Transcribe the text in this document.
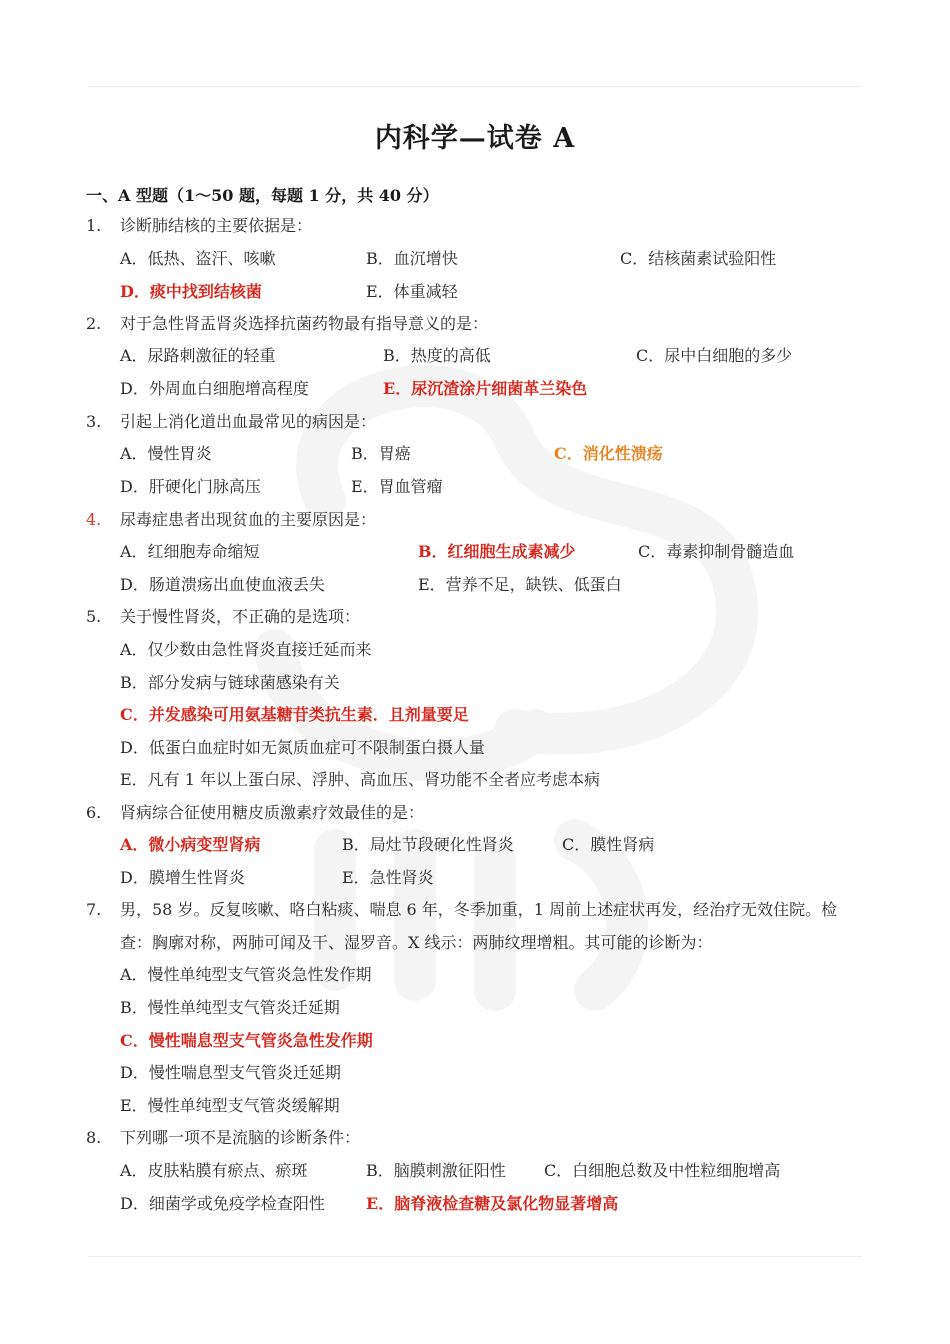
内科学—试卷 A
一、A 型题（1～50 题，每题 1 分，共 40 分）
1. 诊断肺结核的主要依据是：
A．低热、盗汗、咳嗽	B．血沉增快	C．结核菌素试验阳性
D．痰中找到结核菌	E．体重减轻
2. 对于急性肾盂肾炎选择抗菌药物最有指导意义的是：
A．尿路刺激征的轻重	B．热度的高低	C．尿中白细胞的多少
D．外周血白细胞增高程度	E．尿沉渣涂片细菌革兰染色
3. 引起上消化道出血最常见的病因是：
A．慢性胃炎	B．胃癌	C．消化性溃疡
D．肝硬化门脉高压	E．胃血管瘤
4. 尿毒症患者出现贫血的主要原因是：
A．红细胞寿命缩短	B．红细胞生成素减少	C．毒素抑制骨髓造血
D．肠道溃疡出血使血液丢失	E．营养不足，缺铁、低蛋白
5. 关于慢性肾炎，不正确的是选项：
A．仅少数由急性肾炎直接迁延而来
B．部分发病与链球菌感染有关
C．并发感染可用氨基糖苷类抗生素．且剂量要足
D．低蛋白血症时如无氮质血症可不限制蛋白摄人量
E．凡有 1 年以上蛋白尿、浮肿、高血压、肾功能不全者应考虑本病
6. 肾病综合征使用糖皮质激素疗效最佳的是：
A．微小病变型肾病	B．局灶节段硬化性肾炎	C．膜性肾病
D．膜增生性肾炎	E．急性肾炎
7. 男，58 岁。反复咳嗽、咯白粘痰、喘息 6 年，冬季加重，1 周前上述症状再发，经治疗无效住院。检
查：胸廓对称，两肺可闻及干、湿罗音。X 线示：两肺纹理增粗。其可能的诊断为：
A．慢性单纯型支气管炎急性发作期
B．慢性单纯型支气管炎迁延期
C．慢性喘息型支气管炎急性发作期
D．慢性喘息型支气管炎迁延期
E．慢性单纯型支气管炎缓解期
8. 下列哪一项不是流脑的诊断条件：
A．皮肤粘膜有瘀点、瘀斑	B．脑膜刺激征阳性 C．白细胞总数及中性粒细胞增高
D．细菌学或免疫学检查阳性	E．脑脊液检查糖及氯化物显著增高
